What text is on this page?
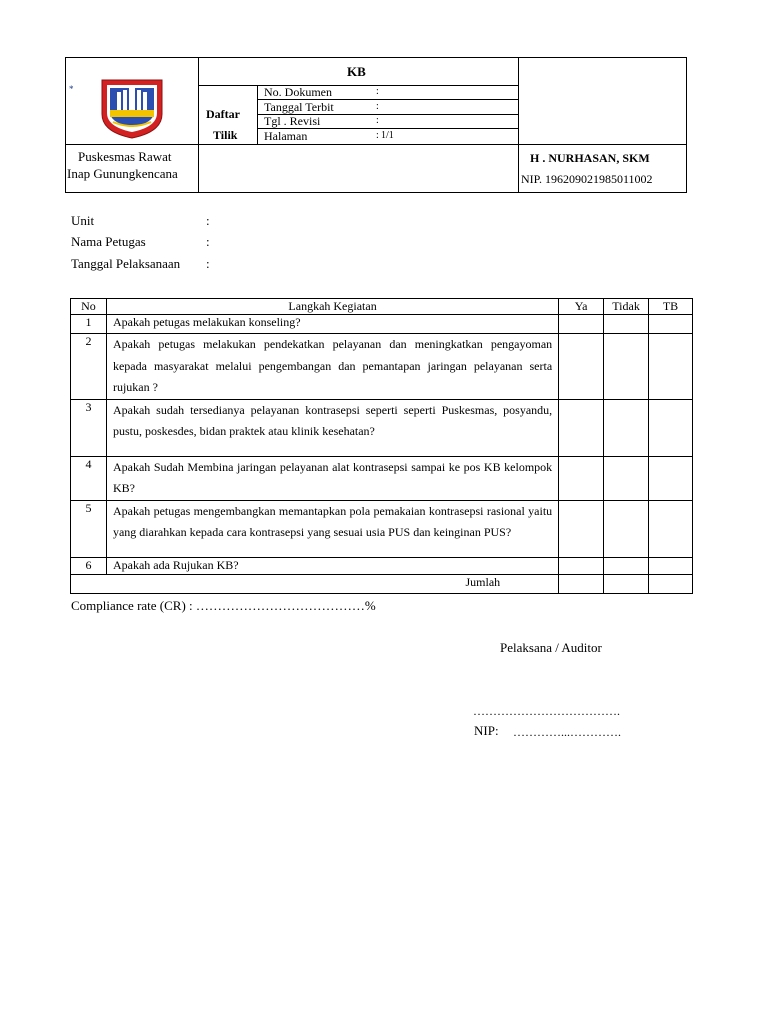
*
KB
Daftar
Tilik
No. Dokumen	:
Tanggal Terbit	:
Tgl . Revisi	:
Halaman	: 1/1
Puskesmas Rawat
Inap Gunungkencana
H . NURHASAN, SKM
NIP. 196209021985011002
Unit	:
Nama Petugas	:
Tanggal Pelaksanaan :
No	Langkah Kegiatan	Ya	Tidak	TB
1	Apakah petugas melakukan konseling?			
2	Apakah petugas melakukan pendekatkan pelayanan dan meningkatkan pengayoman kepada masyarakat melalui pengembangan dan pemantapan jaringan pelayanan serta rujukan ?			
3	Apakah sudah tersedianya pelayanan kontrasepsi seperti seperti Puskesmas, posyandu, pustu, poskesdes, bidan praktek atau klinik kesehatan?			
4	Apakah Sudah Membina jaringan pelayanan alat kontrasepsi sampai ke pos KB kelompok KB?			
5	Apakah petugas mengembangkan memantapkan pola pemakaian kontrasepsi rasional yaitu yang diarahkan kepada cara kontrasepsi yang sesuai usia PUS dan keinginan PUS?			
6	Apakah ada Rujukan KB?			
Jumlah				
Compliance rate (CR) : …………………………………%
Pelaksana / Auditor
……………………………….
NIP: …………...………….
